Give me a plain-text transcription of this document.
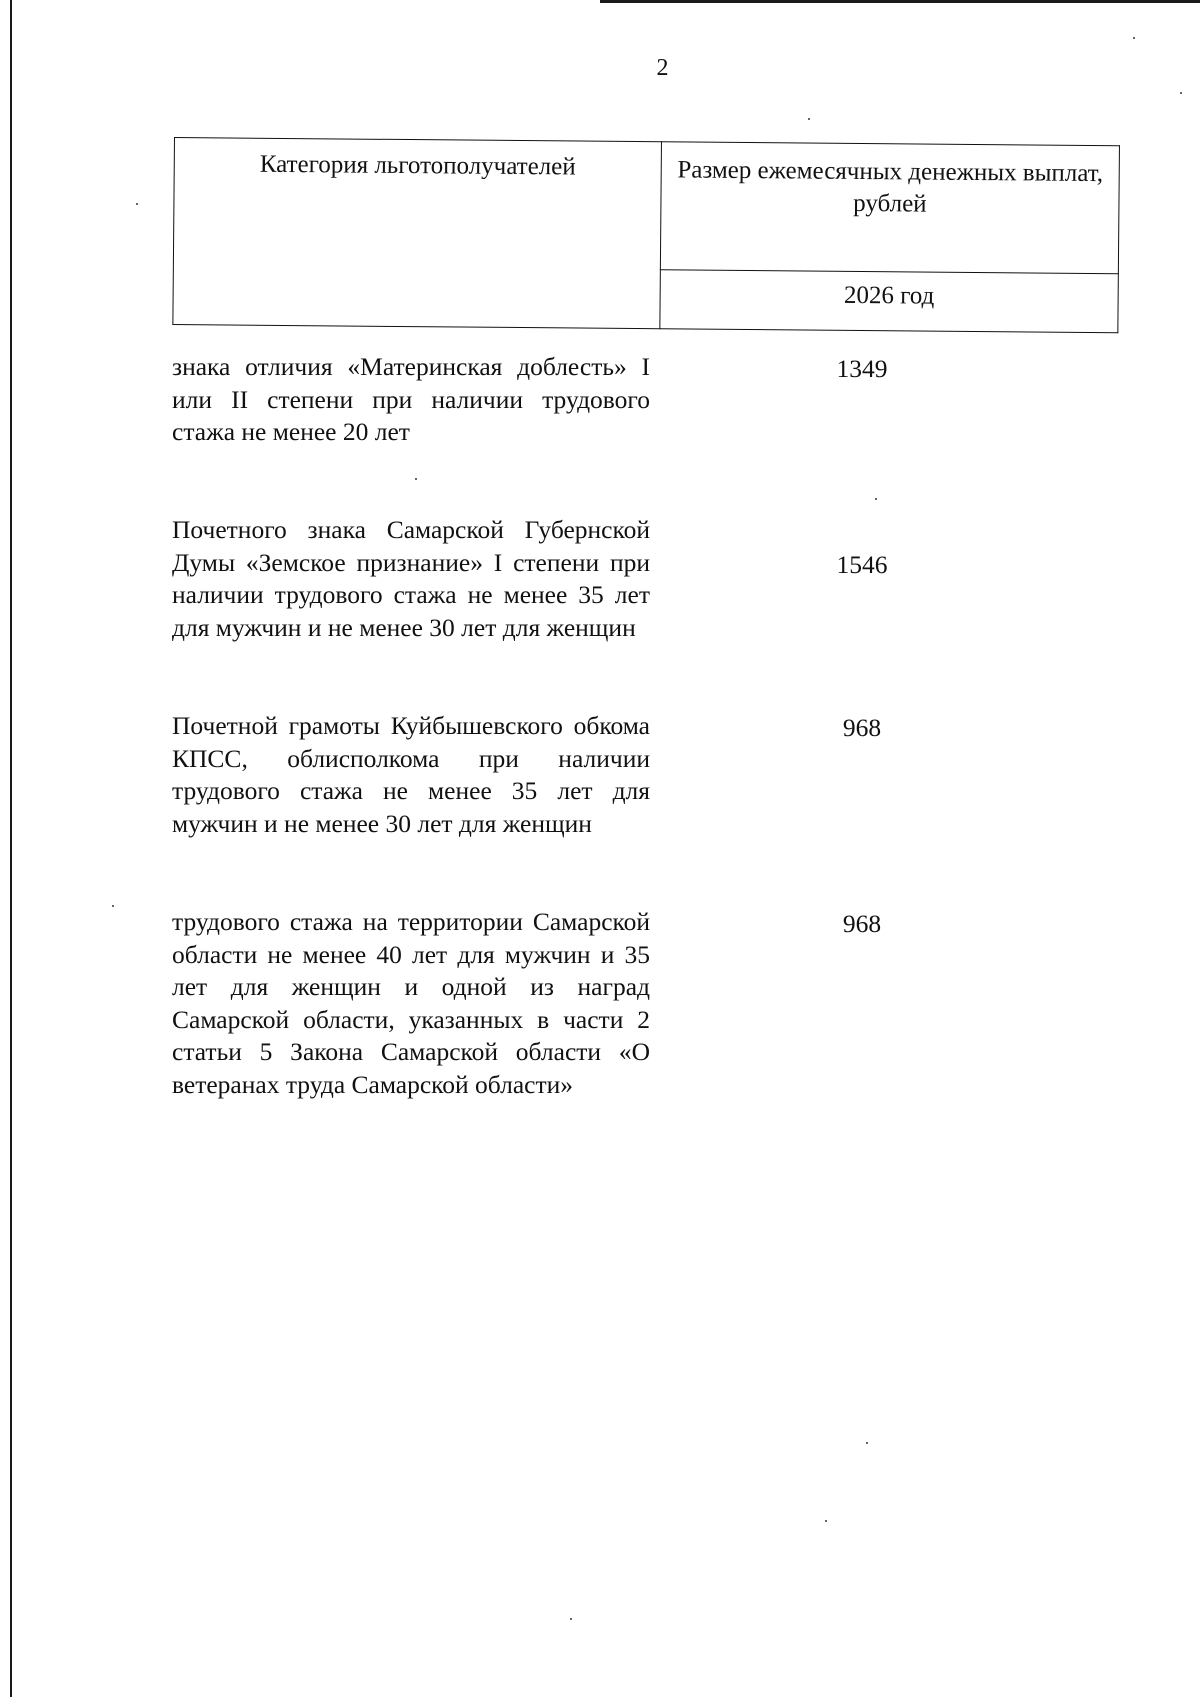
2
Категория льготополучателей	Размер ежемесячных денежных выплат, рублей
2026 год
знака отличия «Материнская доблесть» I или II степени при наличии трудового стажа не менее 20 лет
1349
Почетного знака Самарской Губернской Думы «Земское признание» I степени при наличии трудового стажа не менее 35 лет для мужчин и не менее 30 лет для женщин
1546
Почетной грамоты Куйбышевского обкома КПСС, облисполкома при наличии трудового стажа не менее 35 лет для мужчин и не менее 30 лет для женщин
968
трудового стажа на территории Самарской области не менее 40 лет для мужчин и 35 лет для женщин и одной из наград Самарской области, указанных в части 2 статьи 5 Закона Самарской области «О ветеранах труда Самарской области»
968
